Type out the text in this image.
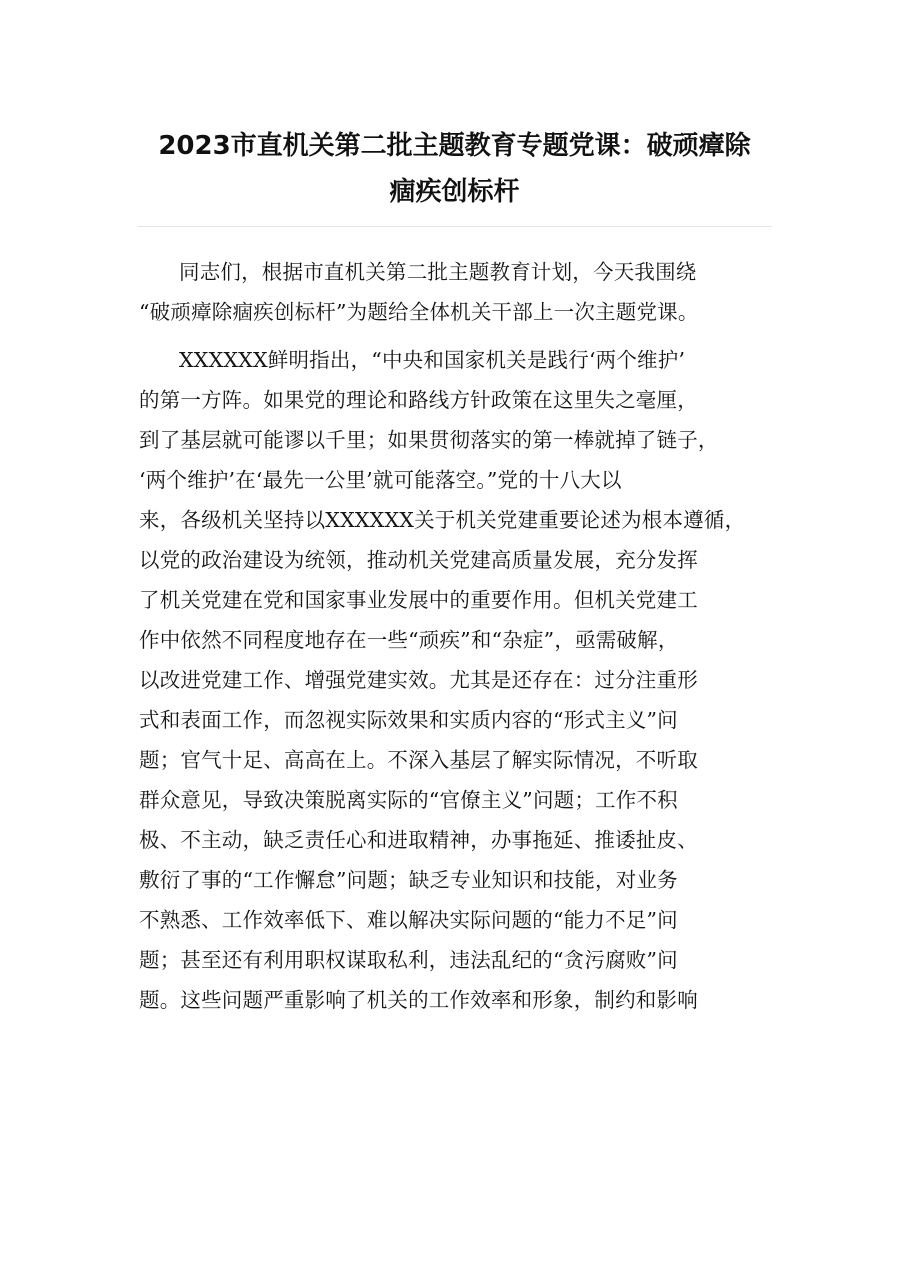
2023市直机关第二批主题教育专题党课：破顽瘴除
痼疾创标杆
同志们，根据市直机关第二批主题教育计划，今天我围绕
“破顽瘴除痼疾创标杆”为题给全体机关干部上一次主题党课。
XXXXXX鲜明指出，“中央和国家机关是践行‘两个维护’
的第一方阵。如果党的理论和路线方针政策在这里失之毫厘，
到了基层就可能谬以千里；如果贯彻落实的第一棒就掉了链子，
‘两个维护’在‘最先一公里’就可能落空。”党的十八大以
来，各级机关坚持以XXXXXX关于机关党建重要论述为根本遵循，
以党的政治建设为统领，推动机关党建高质量发展，充分发挥
了机关党建在党和国家事业发展中的重要作用。但机关党建工
作中依然不同程度地存在一些“顽疾”和“杂症”，亟需破解，
以改进党建工作、增强党建实效。尤其是还存在：过分注重形
式和表面工作，而忽视实际效果和实质内容的“形式主义”问
题；官气十足、高高在上。不深入基层了解实际情况，不听取
群众意见，导致决策脱离实际的“官僚主义”问题；工作不积
极、不主动，缺乏责任心和进取精神，办事拖延、推诿扯皮、
敷衍了事的“工作懈怠”问题；缺乏专业知识和技能，对业务
不熟悉、工作效率低下、难以解决实际问题的“能力不足”问
题；甚至还有利用职权谋取私利，违法乱纪的“贪污腐败”问
题。这些问题严重影响了机关的工作效率和形象，制约和影响
